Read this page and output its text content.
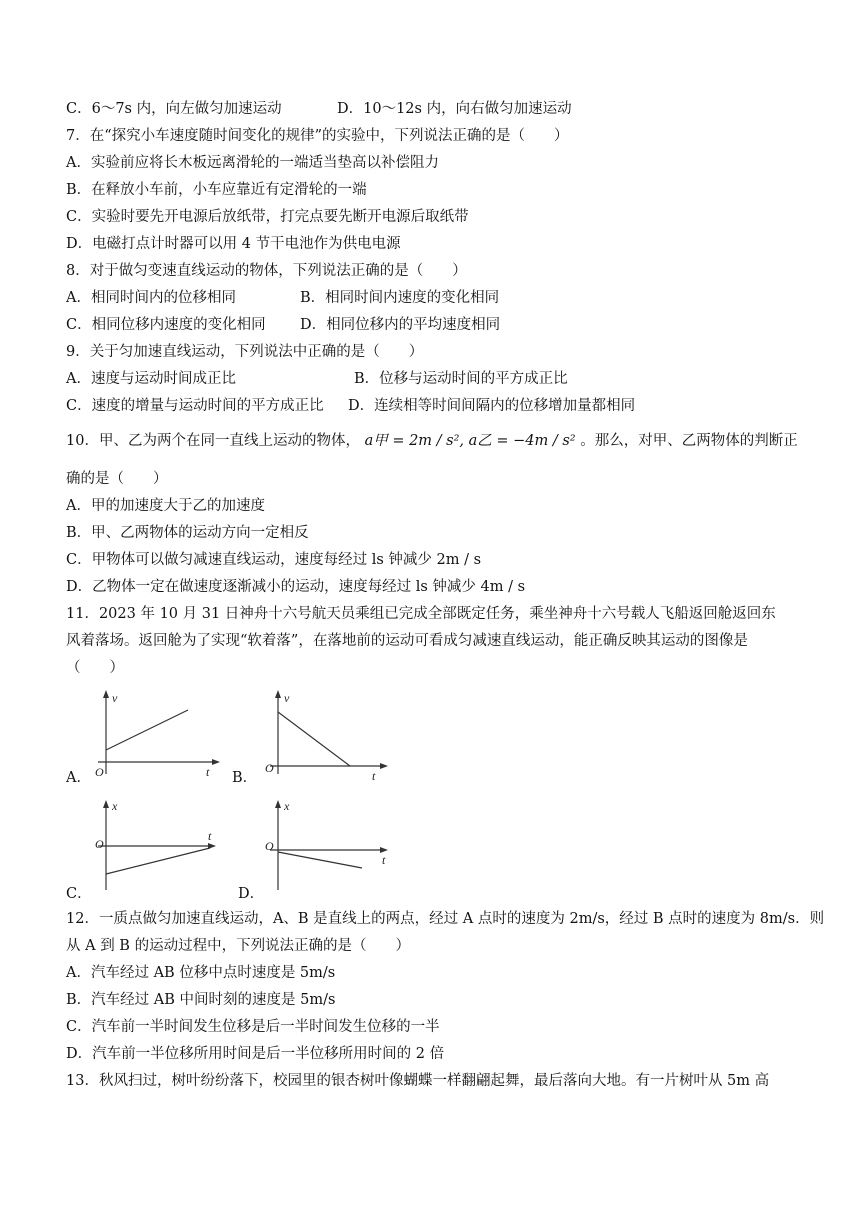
C．6～7s 内，向左做匀加速运动	D．10～12s 内，向右做匀加速运动
7．在“探究小车速度随时间变化的规律”的实验中，下列说法正确的是（　　）
A．实验前应将长木板远离滑轮的一端适当垫高以补偿阻力
B．在释放小车前，小车应靠近有定滑轮的一端
C．实验时要先开电源后放纸带，打完点要先断开电源后取纸带
D．电磁打点计时器可以用 4 节干电池作为供电电源
8．对于做匀变速直线运动的物体，下列说法正确的是（　　）
A．相同时间内的位移相同	B．相同时间内速度的变化相同
C．相同位移内速度的变化相同 D．相同位移内的平均速度相同
9．关于匀加速直线运动，下列说法中正确的是（　　）
A．速度与运动时间成正比	B．位移与运动时间的平方成正比
C．速度的增量与运动时间的平方成正比 D．连续相等时间间隔内的位移增加量都相同
10．甲、乙为两个在同一直线上运动的物体， a甲 = 2m / s², a乙 = −4m / s² 。那么，对甲、乙两物体的判断正
确的是（　　）
A．甲的加速度大于乙的加速度
B．甲、乙两物体的运动方向一定相反
C．甲物体可以做匀减速直线运动，速度每经过 ls 钟减少 2m / s
D．乙物体一定在做速度逐渐减小的运动，速度每经过 ls 钟减少 4m / s
11．2023 年 10 月 31 日神舟十六号航天员乘组已完成全部既定任务，乘坐神舟十六号载人飞船返回舱返回东
风着落场。返回舱为了实现“软着落”，在落地前的运动可看成匀减速直线运动，能正确反映其运动的图像是
（　　）
A．
v
O	t B．
v
O
t
C．
x
O
t
D．
x
O
t
12．一质点做匀加速直线运动，A、B 是直线上的两点，经过 A 点时的速度为 2m/s，经过 B 点时的速度为 8m/s．则
从 A 到 B 的运动过程中，下列说法正确的是（　　）
A．汽车经过 AB 位移中点时速度是 5m/s
B．汽车经过 AB 中间时刻的速度是 5m/s
C．汽车前一半时间发生位移是后一半时间发生位移的一半
D．汽车前一半位移所用时间是后一半位移所用时间的 2 倍
13．秋风扫过，树叶纷纷落下，校园里的银杏树叶像蝴蝶一样翻翩起舞，最后落向大地。有一片树叶从 5m 高
